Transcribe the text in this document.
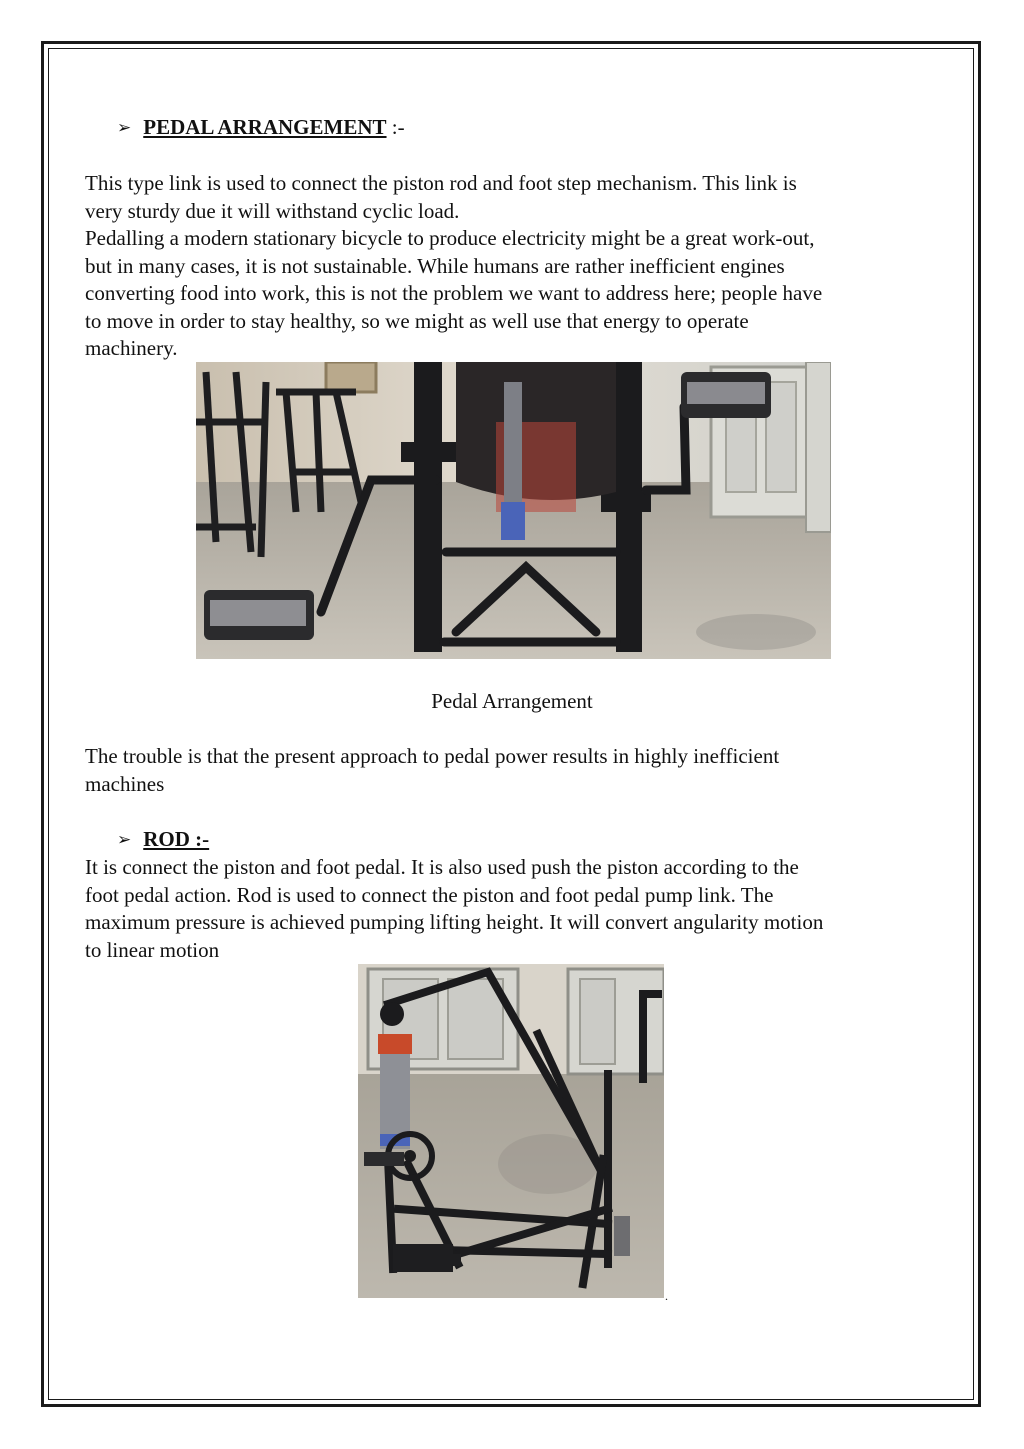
➢ PEDAL ARRANGEMENT :-
This type link is used to connect the piston rod and foot step mechanism. This link is
very sturdy due it will withstand cyclic load.
Pedalling a modern stationary bicycle to produce electricity might be a great work-out,
but in many cases, it is not sustainable. While humans are rather inefficient engines
converting food into work, this is not the problem we want to address here; people have
to move in order to stay healthy, so we might as well use that energy to operate
machinery.
Pedal Arrangement
The trouble is that the present approach to pedal power results in highly inefficient
machines
➢ ROD :-
It is connect the piston and foot pedal. It is also used push the piston according to the
foot pedal action. Rod is used to connect the piston and foot pedal pump link. The
maximum pressure is achieved pumping lifting height. It will convert angularity motion
to linear motion
.
